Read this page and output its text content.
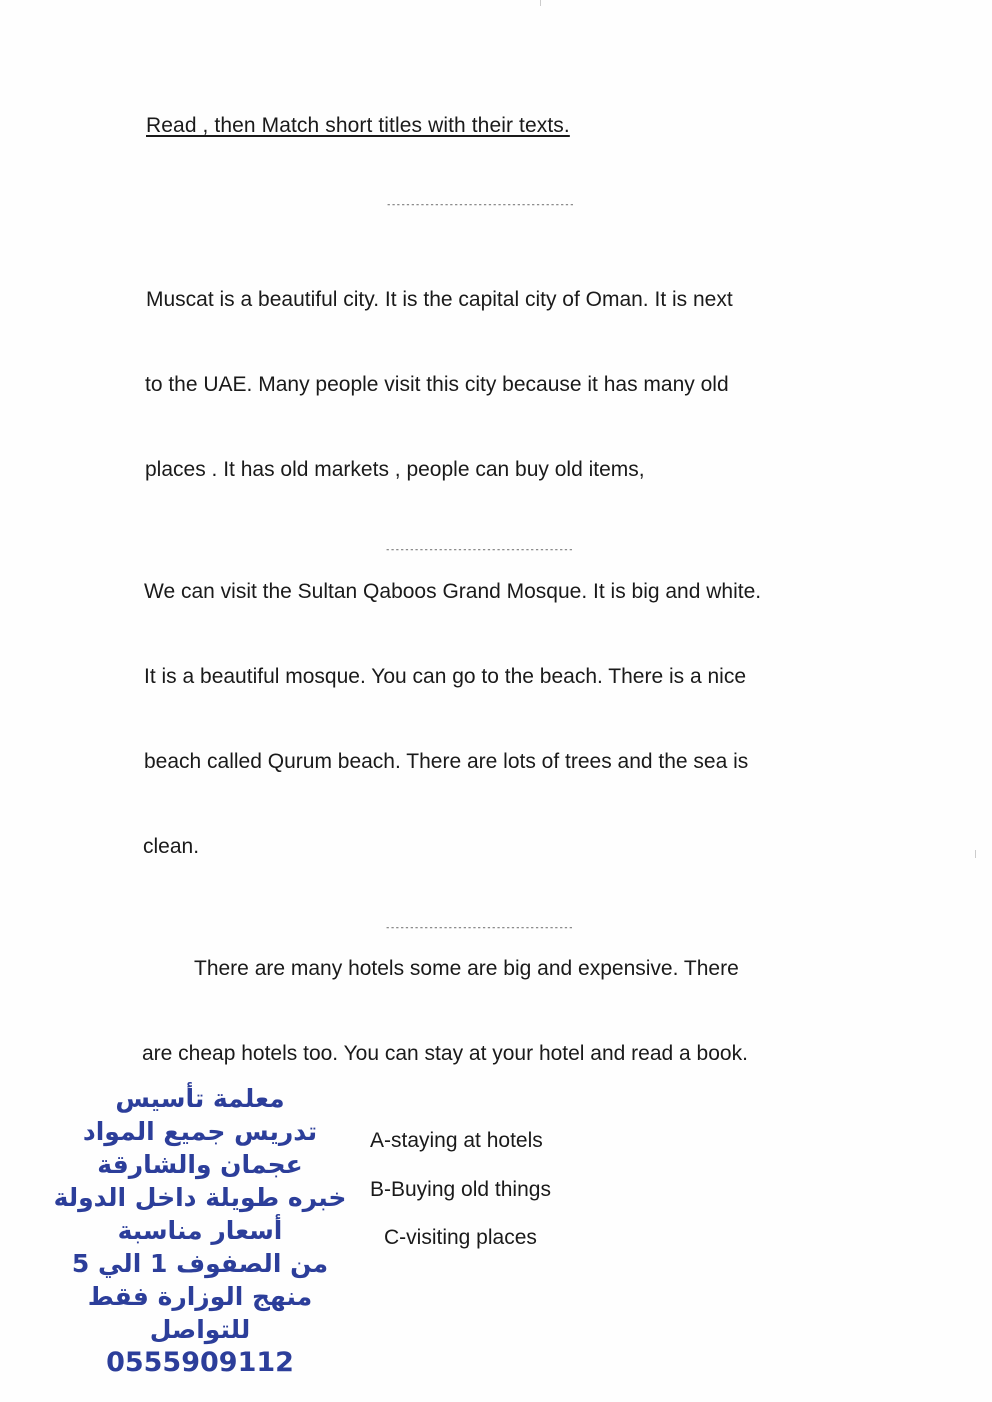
Read , then Match short titles with their texts.
---------------------------------------
Muscat is a beautiful city. It is the capital city of Oman. It is next
to the UAE. Many people visit this city because it has many old
places . It has old markets , people can buy old items,
---------------------------------------
We can visit the Sultan Qaboos Grand Mosque. It is big and white.
It is a beautiful mosque. You can go to the beach. There is a nice
beach called Qurum beach. There are lots of trees and the sea is
clean.
---------------------------------------
There are many hotels some are big and expensive. There
are cheap hotels too. You can stay at your hotel and read a book.
A-staying at hotels
B-Buying old things
C-visiting places
معلمة تأسيس
تدريس جميع المواد
عجمان والشارقة
خبره طويلة داخل الدولة
أسعار مناسبة
من الصفوف 1 الي 5
منهج الوزارة فقط
للتواصل
0555909112
